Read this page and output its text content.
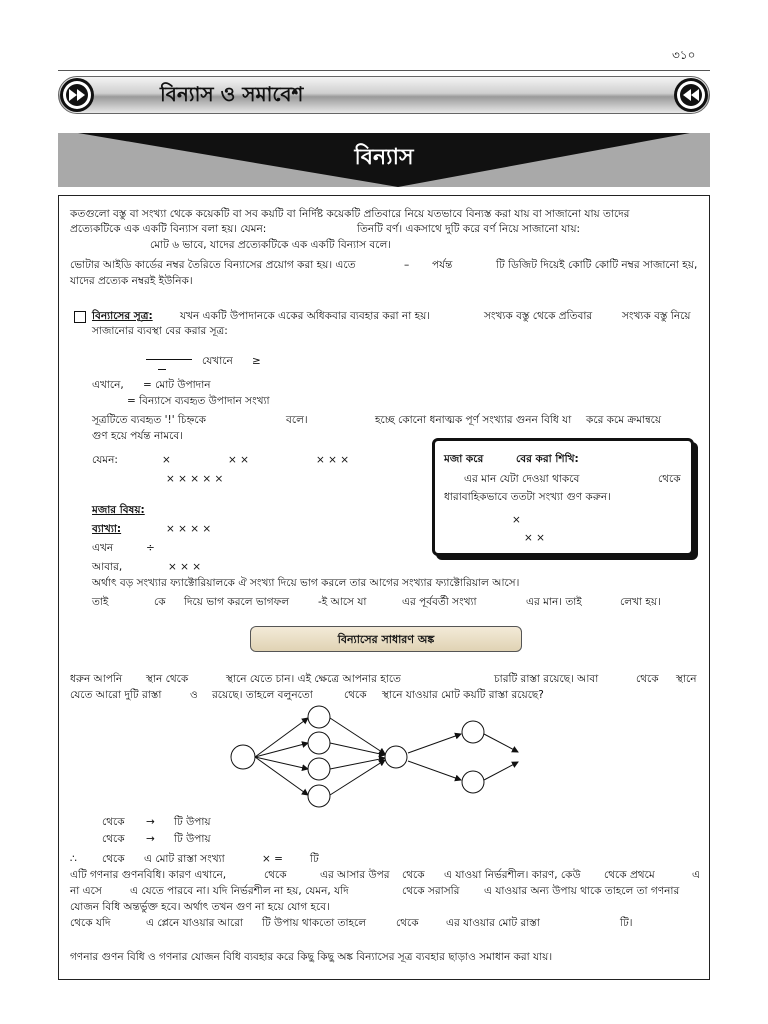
৩১০
বিন্যাস ও সমাবেশ
বিন্যাস
কতগুলো বস্তু বা সংখ্যা থেকে কয়েকটি বা সব কয়টি বা নির্দিষ্ট কয়েকটি প্রতিবারে নিয়ে যতভাবে বিন্যস্ত করা যায় বা সাজানো যায় তাদের
প্রত্যেকটিকে এক একটি বিন্যাস বলা হয়। যেমন:	তিনটি বর্ণ। একসাথে দুটি করে বর্ণ নিয়ে সাজানো যায়:
মোট ৬ ভাবে, যাদের প্রত্যেকটিকে এক একটি বিন্যাস বলে।
ভোটার আইডি কার্ডের নম্বর তৈরিতে বিন্যাসের প্রয়োগ করা হয়। এতে	– পর্যন্ত	টি ডিজিট দিয়েই কোটি কোটি নম্বর সাজানো হয়,
যাদের প্রত্যেক নম্বরই ইউনিক।
বিন্যাসের সূত্র:	যখন একটি উপাদানকে একের অধিকবার ব্যবহার করা না হয়।	সংখ্যক বস্তু থেকে প্রতিবার	সংখ্যক বস্তু নিয়ে
সাজানোর ব্যবস্থা বের করার সূত্র:
যেখানে ≥
এখানে, = মোট উপাদান
= বিন্যাসে ব্যবহৃত উপাদান সংখ্যা
সূত্রটিতে ব্যবহৃত '!' চিহ্নকে	বলে।	হচ্ছে কোনো ধনাত্মক পূর্ণ সংখ্যার গুনন বিধি যা করে কমে ক্রমান্বয়ে
গুণ হয়ে পর্যন্ত নামবে।
যেমন:	×	× ×	× × ×
× × × × ×
মজা করে	বের করা শিখি:
এর মান যেটা দেওয়া থাকবে	থেকে
ধারাবাহিকভাবে ততটা সংখ্যা গুণ করুন।
×
× ×
মজার বিষয়:
ব্যাখ্যা:	× × × ×
এখন	÷
আবার,	× × ×
অর্থাৎ বড় সংখ্যার ফ্যাক্টোরিয়ালকে ঐ সংখ্যা দিয়ে ভাগ করলে তার আগের সংখ্যার ফ্যাক্টোরিয়াল আসে।
তাই	কে দিয়ে ভাগ করলে ভাগফল	-ই আসে যা	এর পূর্ববর্তী সংখ্যা	এর মান। তাই	লেখা হয়।
বিন্যাসের সাধারণ অঙ্ক
ধরুন আপনি স্থান থেকে	স্থানে যেতে চান। এই ক্ষেত্রে আপনার হাতে	চারটি রাস্তা রয়েছে। আবা	থেকে স্থানে
যেতে আরো দুটি রাস্তা	ও রয়েছে। তাহলে বলুনতো	থেকে স্থানে যাওয়ার মোট কয়টি রাস্তা রয়েছে?
থেকে → টি উপায়
থেকে → টি উপায়
∴ থেকে এ মোট রাস্তা সংখ্যা	× =	টি
এটি গণনার গুণনবিধি। কারণ এখানে,	থেকে	এর আসার উপর থেকে এ যাওয়া নির্ভরশীল। কারণ, কেউ থেকে প্রথমে	এ
না এসে	এ যেতে পারবে না। যদি নির্ভরশীল না হয়, যেমন, যদি	থেকে সরাসরি এ যাওয়ার অন্য উপায় থাকে তাহলে তা গণনার
যোজন বিধি অন্তর্ভুক্ত হবে। অর্থাৎ তখন গুণ না হয়ে যোগ হবে।
থেকে যদি	এ প্লেনে যাওয়ার আরো টি উপায় থাকতো তাহলে	থেকে	এর যাওয়ার মোট রাস্তা	টি।
গণনার গুণন বিধি ও গণনার যোজন বিধি ব্যবহার করে কিছু কিছু অঙ্ক বিন্যাসের সূত্র ব্যবহার ছাড়াও সমাধান করা যায়।
